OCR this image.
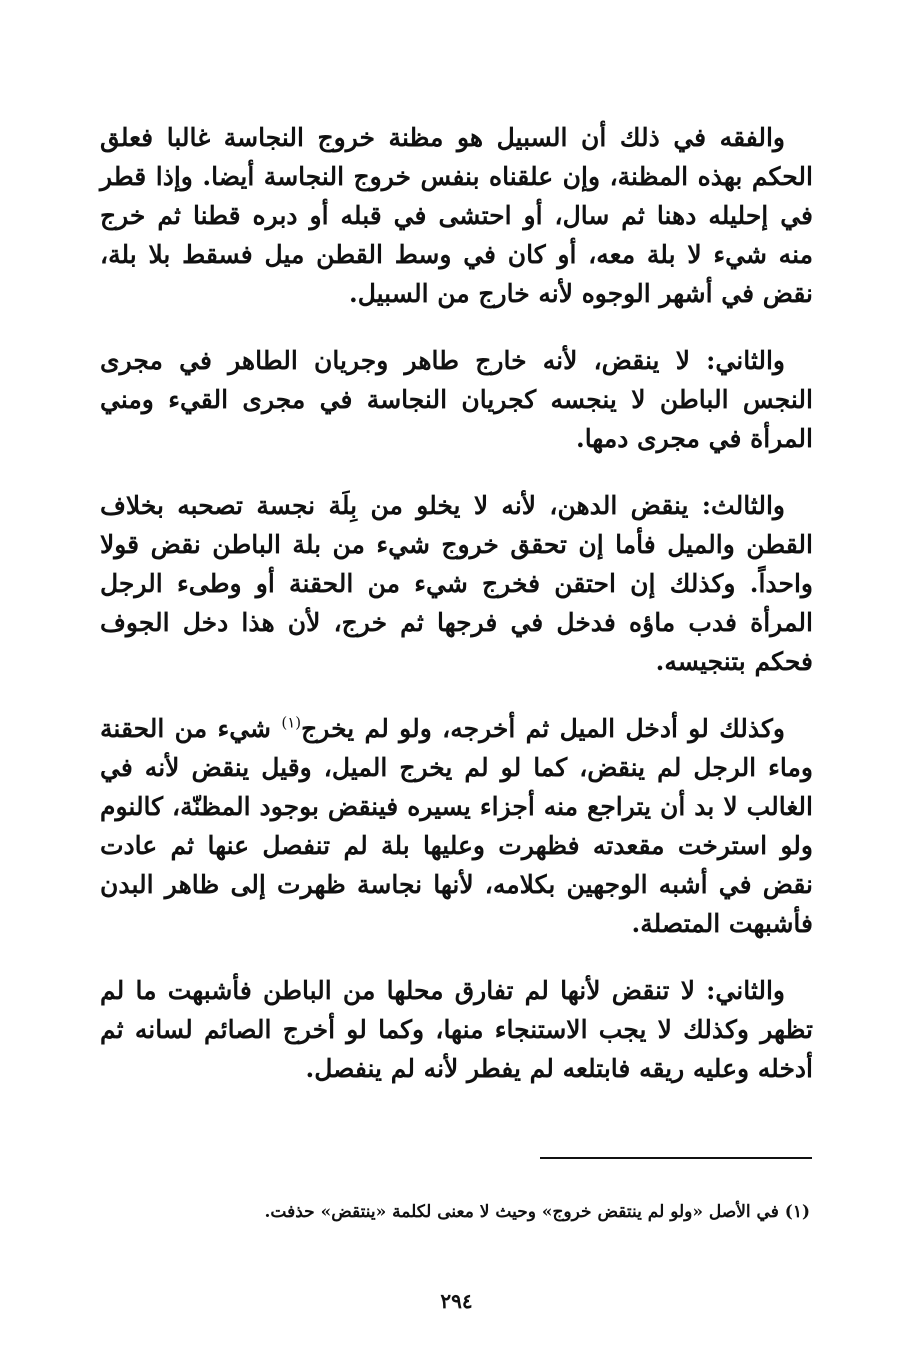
والفقه في ذلك أن السبيل هو مظنة خروج النجاسة غالبا فعلق الحكم بهذه المظنة، وإن علقناه بنفس خروج النجاسة أيضا. وإذا قطر في إحليله دهنا ثم سال، أو احتشى في قبله أو دبره قطنا ثم خرج منه شيء لا بلة معه، أو كان في وسط القطن ميل فسقط بلا بلة، نقض في أشهر الوجوه لأنه خارج من السبيل.

والثاني: لا ينقض، لأنه خارج طاهر وجريان الطاهر في مجرى النجس الباطن لا ينجسه كجريان النجاسة في مجرى القيء ومني المرأة في مجرى دمها.

والثالث: ينقض الدهن، لأنه لا يخلو من بِلَة نجسة تصحبه بخلاف القطن والميل فأما إن تحقق خروج شيء من بلة الباطن نقض قولا واحداً. وكذلك إن احتقن فخرج شيء من الحقنة أو وطىء الرجل المرأة فدب ماؤه فدخل في فرجها ثم خرج، لأن هذا دخل الجوف فحكم بتنجيسه.

وكذلك لو أدخل الميل ثم أخرجه، ولو لم يخرج$^{(١)}$ شيء من الحقنة وماء الرجل لم ينقض، كما لو لم يخرج الميل، وقيل ينقض لأنه في الغالب لا بد أن يتراجع منه أجزاء يسيره فينقض بوجود المظنّة، كالنوم ولو استرخت مقعدته فظهرت وعليها بلة لم تنفصل عنها ثم عادت نقض في أشبه الوجهين بكلامه، لأنها نجاسة ظهرت إلى ظاهر البدن فأشبهت المتصلة.

والثاني: لا تنقض لأنها لم تفارق محلها من الباطن فأشبهت ما لم تظهر وكذلك لا يجب الاستنجاء منها، وكما لو أخرج الصائم لسانه ثم أدخله وعليه ريقه فابتلعه لم يفطر لأنه لم ينفصل.

(١) في الأصل «ولو لم ينتقض خروج» وحيث لا معنى لكلمة «ينتقض» حذفت.
٢٩٤
